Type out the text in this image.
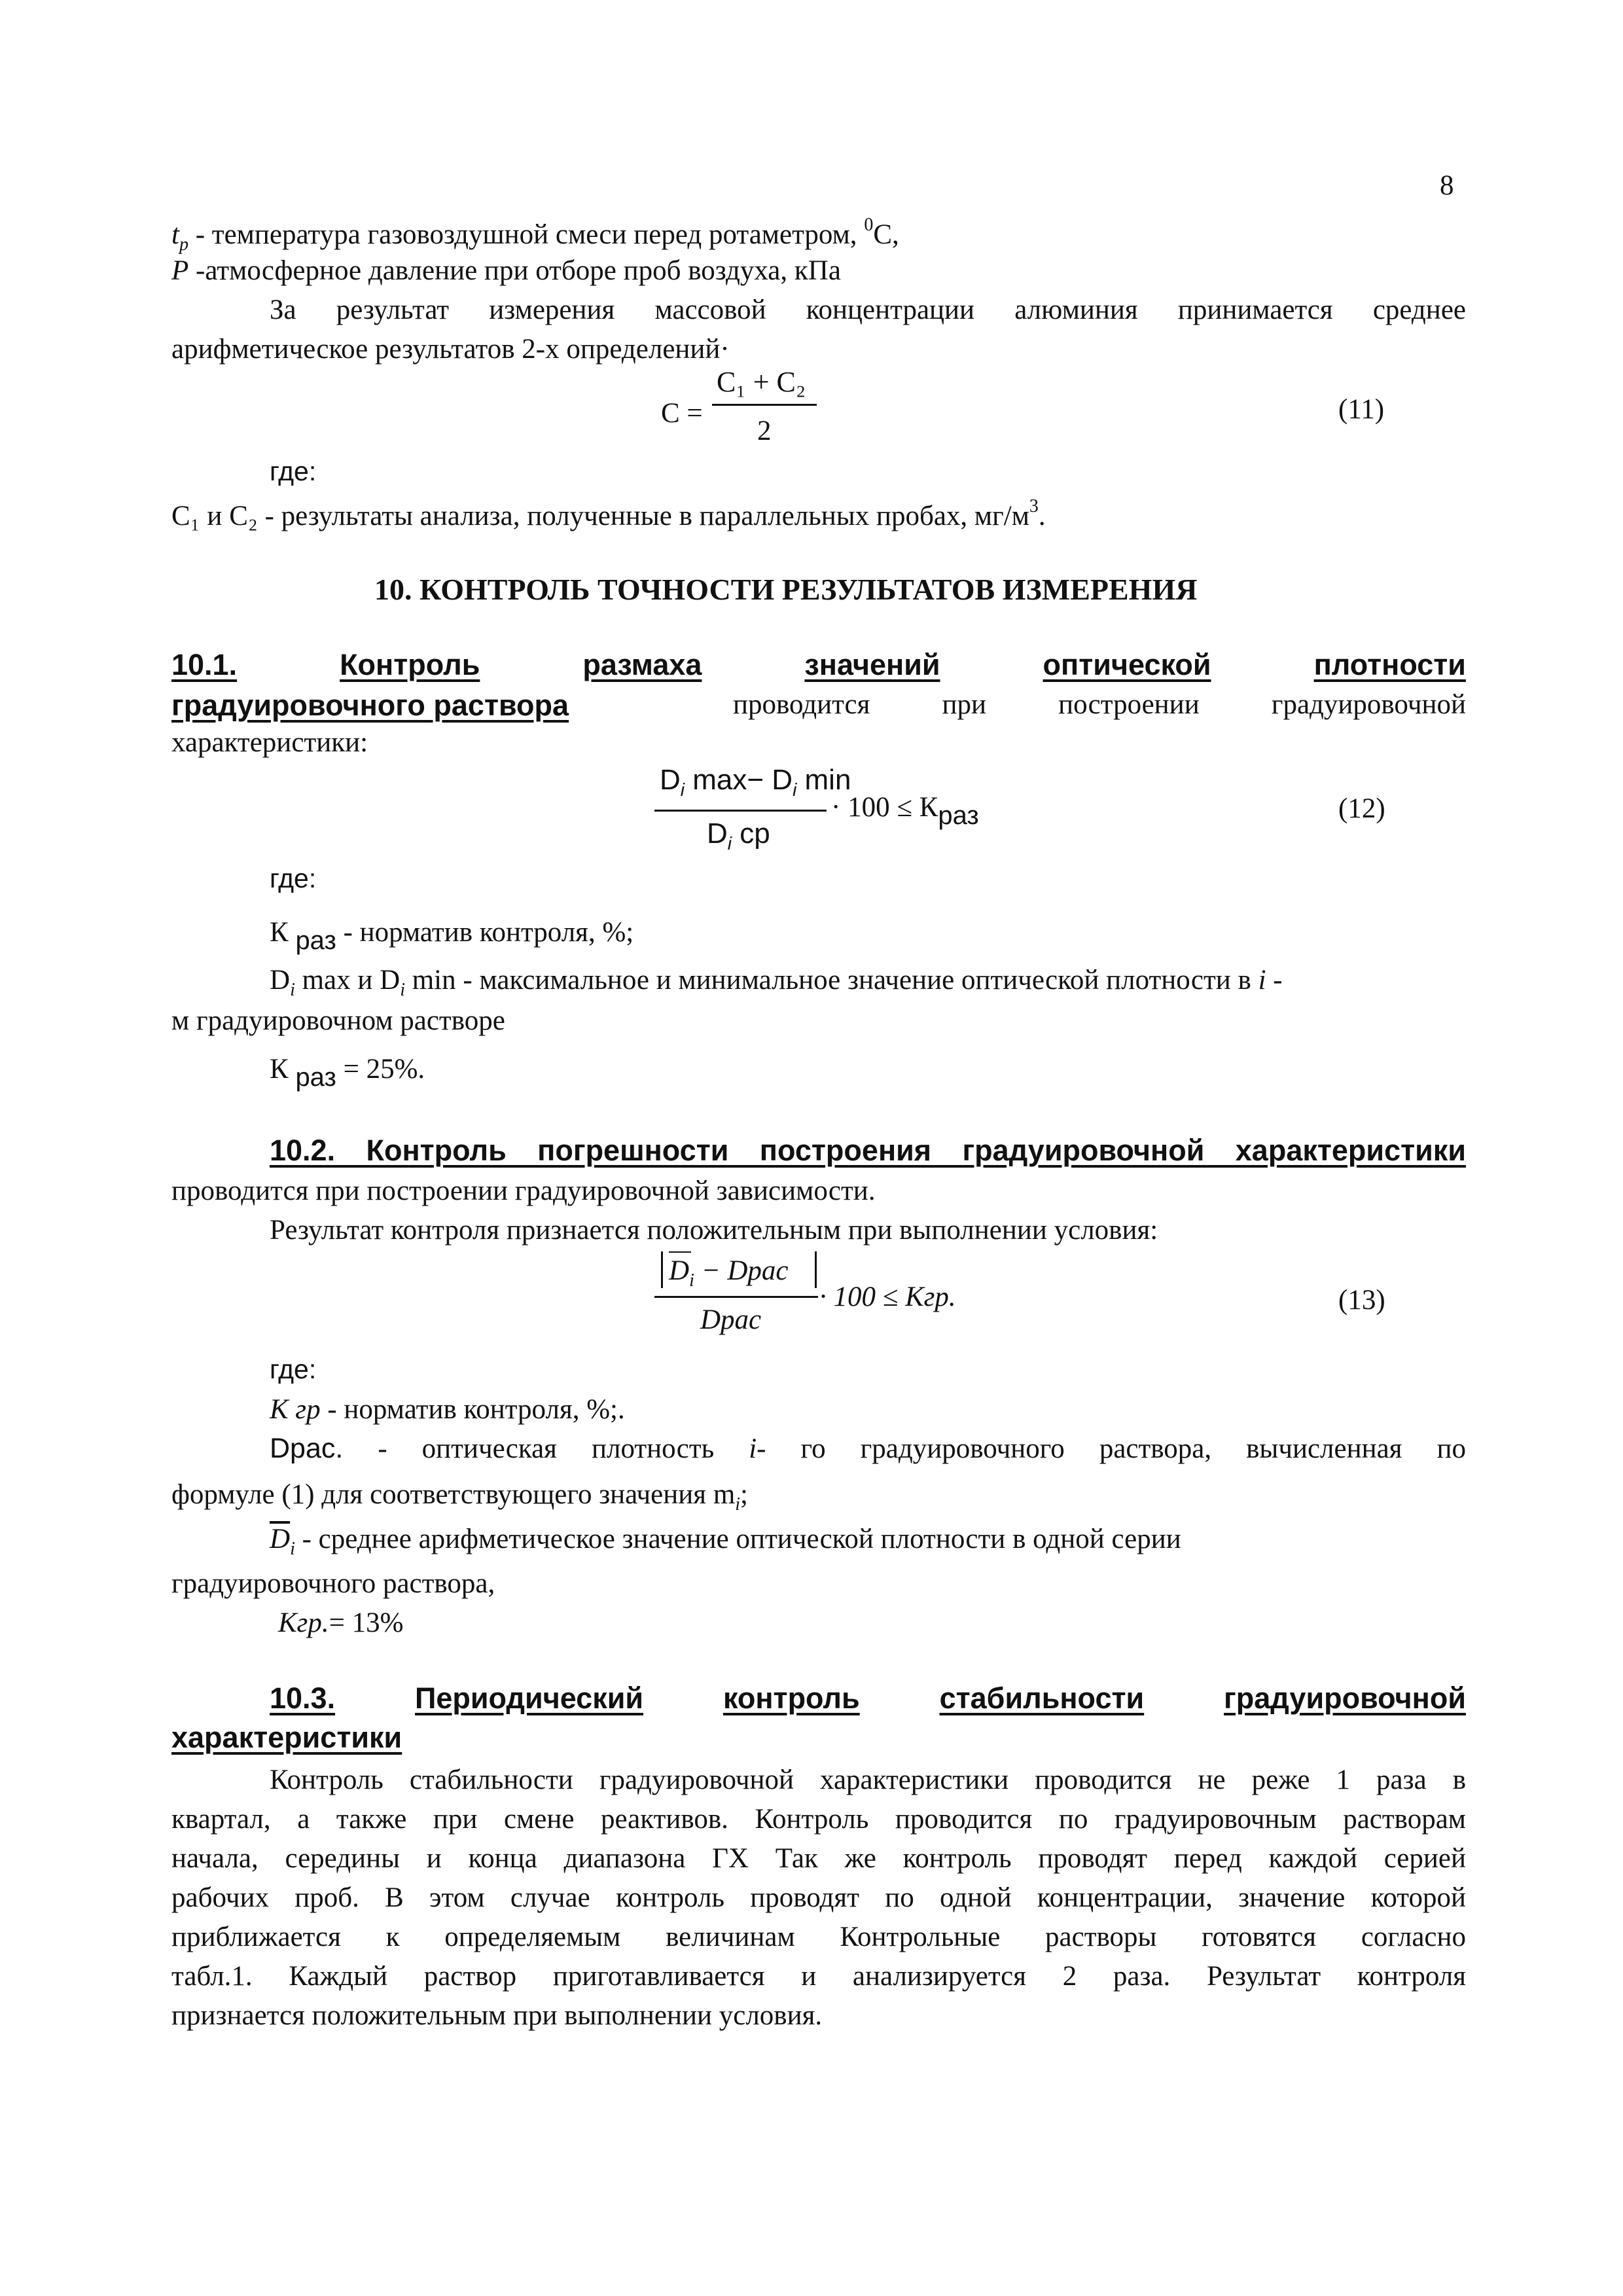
8
$t_p$ - температура газовоздушной смеси перед ротаметром, $^0$С,
Р -атмосферное давление при отборе проб воздуха, кПа
За результат измерения массовой концентрации алюминия принимается среднее
арифметическое результатов 2-х определений·
С =
С₁ + С₂
2
(11)
где:
С₁ и С₂ - результаты анализа, полученные в параллельных пробах, $мг/м^3$.
10. КОНТРОЛЬ ТОЧНОСТИ РЕЗУЛЬТАТОВ ИЗМЕРЕНИЯ
10.1.	Контроль	размаха	значений	оптической	плотности
градуировочного раствора	проводится	при	построении	градуировочной
характеристики:
$D_i$ $\max- D_i$ min
$D_i$ ср
· 100 ≤ Краз	(12)
где:
К раз - норматив контроля, %;
$D_i$ max и $D_i$ min - максимальное и минимальное значение оптической плотности в i -
м градуировочном растворе
К раз = 25%.
10.2. Контроль погрешности построения градуировочной характеристики
проводится при построении градуировочной зависимости.
Результат контроля признается положительным при выполнении условия:
$D_i$ − Dрас
Dрас
· 100 ≤ Кгр.	(13)
где:
К гр - норматив контроля, %;.
Dрас. - оптическая плотность i- го градуировочного раствора, вычисленная по
формуле (1) для соответствующего значения $m_i$;
$\overline{D}_i$ - среднее арифметическое значение оптической плотности в одной серии
градуировочного раствора,
Кгр.= 13%
10.3.	Периодический	контроль	стабильности	градуировочной
характеристики
Контроль стабильности градуировочной характеристики проводится не реже 1 раза в
квартал, а также при смене реактивов. Контроль проводится по градуировочным растворам
начала, середины и конца диапазона ГХ Так же контроль проводят перед каждой серией
рабочих проб. В этом случае контроль проводят по одной концентрации, значение которой
приближается к определяемым величинам Контрольные растворы готовятся согласно
табл.1. Каждый раствор приготавливается и анализируется 2 раза. Результат контроля
признается положительным при выполнении условия.
